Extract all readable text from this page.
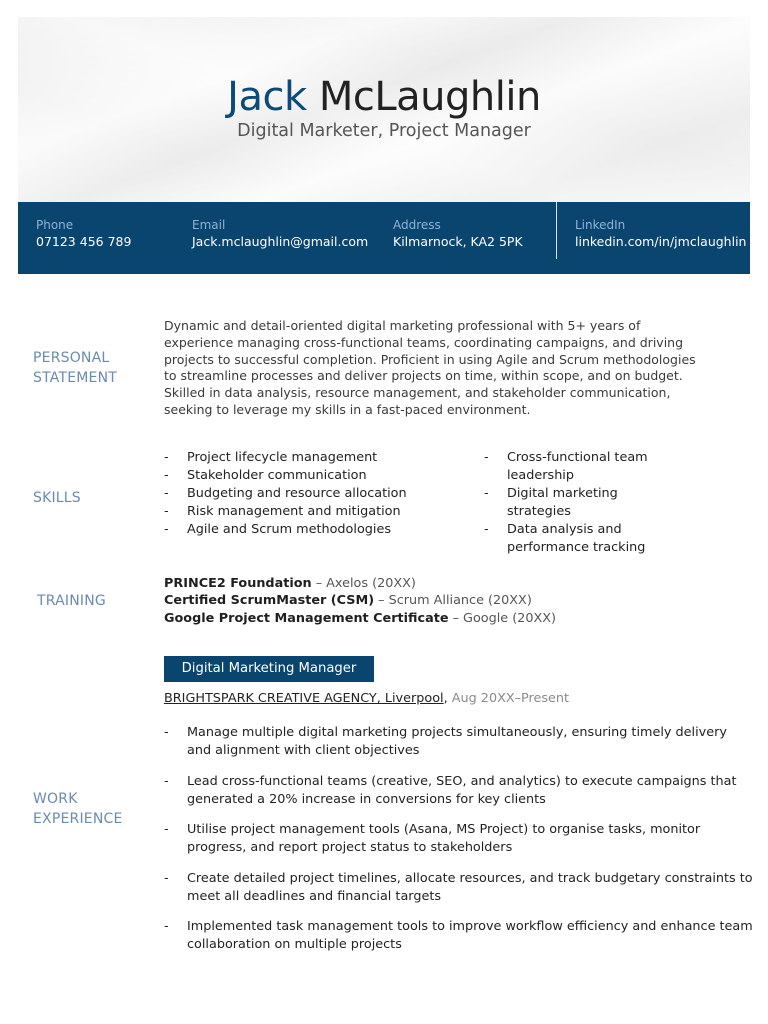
Jack McLaughlin
Digital Marketer, Project Manager
Phone
07123 456 789
Email
Jack.mclaughlin@gmail.com
Address
Kilmarnock, KA2 5PK
LinkedIn
linkedin.com/in/jmclaughlin
PERSONAL
STATEMENT
Dynamic and detail-oriented digital marketing professional with 5+ years of
experience managing cross-functional teams, coordinating campaigns, and driving
projects to successful completion. Proficient in using Agile and Scrum methodologies
to streamline processes and deliver projects on time, within scope, and on budget.
Skilled in data analysis, resource management, and stakeholder communication,
seeking to leverage my skills in a fast-paced environment.
SKILLS
- Project lifecycle management
- Stakeholder communication
- Budgeting and resource allocation
- Risk management and mitigation
- Agile and Scrum methodologies
- Cross-functional team leadership
- Digital marketing strategies
- Data analysis and performance tracking
TRAINING
PRINCE2 Foundation – Axelos (20XX)
Certified ScrumMaster (CSM) – Scrum Alliance (20XX)
Google Project Management Certificate – Google (20XX)
WORK
EXPERIENCE
Digital Marketing Manager
BRIGHTSPARK CREATIVE AGENCY, Liverpool, Aug 20XX–Present
- Manage multiple digital marketing projects simultaneously, ensuring timely delivery and alignment with client objectives
- Lead cross-functional teams (creative, SEO, and analytics) to execute campaigns that generated a 20% increase in conversions for key clients
- Utilise project management tools (Asana, MS Project) to organise tasks, monitor progress, and report project status to stakeholders
- Create detailed project timelines, allocate resources, and track budgetary constraints to meet all deadlines and financial targets
- Implemented task management tools to improve workflow efficiency and enhance team collaboration on multiple projects
